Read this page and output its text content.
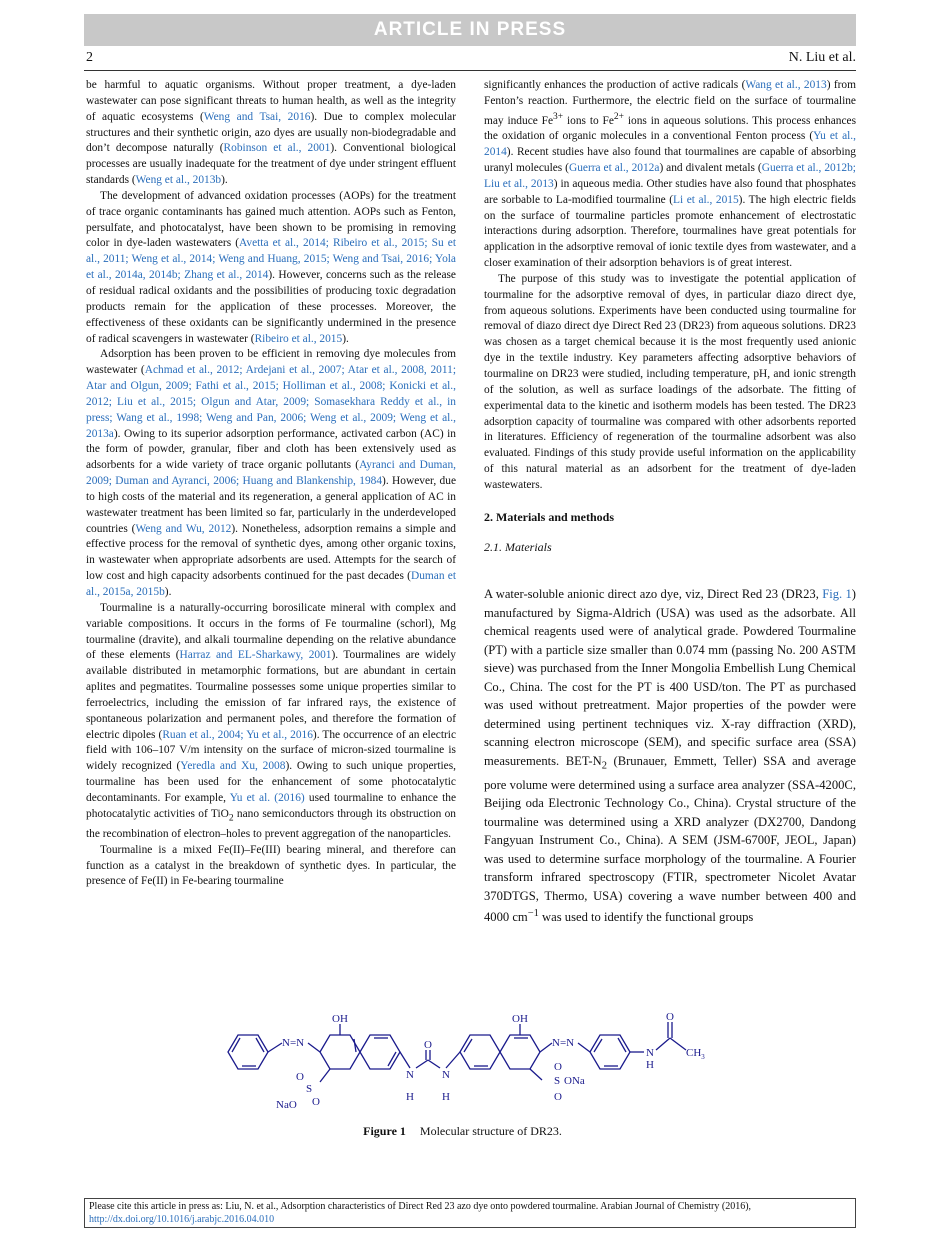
ARTICLE IN PRESS
2	N. Liu et al.

be harmful to aquatic organisms. Without proper treatment, a dye-laden wastewater can pose significant threats to human health, as well as the integrity of aquatic ecosystems (Weng and Tsai, 2016). Due to complex molecular structures and their synthetic origin, azo dyes are usually non-biodegradable and don’t decompose naturally (Robinson et al., 2001). Conventional biological processes are usually inadequate for the treatment of dye under stringent effluent standards (Weng et al., 2013b).

The development of advanced oxidation processes (AOPs) for the treatment of trace organic contaminants has gained much attention. AOPs such as Fenton, persulfate, and photocatalyst, have been shown to be promising in removing color in dye-laden wastewaters (Avetta et al., 2014; Ribeiro et al., 2015; Su et al., 2011; Weng et al., 2014; Weng and Huang, 2015; Weng and Tsai, 2016; Yola et al., 2014a, 2014b; Zhang et al., 2014). However, concerns such as the release of residual radical oxidants and the possibilities of producing toxic degradation products remain for the application of these processes. Moreover, the effectiveness of these oxidants can be significantly undermined in the presence of radical scavengers in wastewater (Ribeiro et al., 2015).

Adsorption has been proven to be efficient in removing dye molecules from wastewater (Achmad et al., 2012; Ardejani et al., 2007; Atar et al., 2008, 2011; Atar and Olgun, 2009; Fathi et al., 2015; Holliman et al., 2008; Konicki et al., 2012; Liu et al., 2015; Olgun and Atar, 2009; Somasekhara Reddy et al., in press; Wang et al., 1998; Weng and Pan, 2006; Weng et al., 2009; Weng et al., 2013a). Owing to its superior adsorption performance, activated carbon (AC) in the form of powder, granular, fiber and cloth has been extensively used as adsorbents for a wide variety of trace organic pollutants (Ayranci and Duman, 2009; Duman and Ayranci, 2006; Huang and Blankenship, 1984). However, due to high costs of the material and its regeneration, a general application of AC in wastewater treatment has been limited so far, particularly in the underdeveloped countries (Weng and Wu, 2012). Nonetheless, adsorption remains a simple and effective process for the removal of synthetic dyes, among other organic toxins, in wastewater when appropriate adsorbents are used. Attempts for the search of low cost and high capacity adsorbents continued for the past decades (Duman et al., 2015a, 2015b).

Tourmaline is a naturally-occurring borosilicate mineral with complex and variable compositions. It occurs in the forms of Fe tourmaline (schorl), Mg tourmaline (dravite), and alkali tourmaline depending on the relative abundance of these elements (Harraz and EL-Sharkawy, 2001). Tourmalines are widely available distributed in metamorphic formations, but are abundant in certain aplites and pegmatites. Tourmaline possesses some unique properties similar to ferroelectrics, including the emission of far infrared rays, the existence of spontaneous polarization and permanent poles, and therefore the formation of electric dipoles (Ruan et al., 2004; Yu et al., 2016). The occurrence of an electric field with 106–107 V/m intensity on the surface of micron-sized tourmaline is widely recognized (Yeredla and Xu, 2008). Owing to such unique properties, tourmaline has been used for the enhancement of some photocatalytic decontaminants. For example, Yu et al. (2016) used tourmaline to enhance the photocatalytic activities of TiO$_2$ nano semiconductors through its obstruction on the recombination of electron–holes to prevent aggregation of the nanoparticles.

Tourmaline is a mixed Fe(II)–Fe(III) bearing mineral, and therefore can function as a catalyst in the breakdown of synthetic dyes. In particular, the presence of Fe(II) in Fe-bearing tourmaline

significantly enhances the production of active radicals (Wang et al., 2013) from Fenton’s reaction. Furthermore, the electric field on the surface of tourmaline may induce $Fe^{3+}$ ions to $Fe^{2+}$ ions in aqueous solutions. This process enhances the oxidation of organic molecules in a conventional Fenton process (Yu et al., 2014). Recent studies have also found that tourmalines are capable of absorbing uranyl molecules (Guerra et al., 2012a) and divalent metals (Guerra et al., 2012b; Liu et al., 2013) in aqueous media. Other studies have also found that phosphates are sorbable to La-modified tourmaline (Li et al., 2015). The high electric fields on the surface of tourmaline particles promote enhancement of electrostatic interactions during adsorption. Therefore, tourmalines have great potentials for application in the adsorptive removal of ionic textile dyes from wastewater, and a closer examination of their adsorption behaviors is of great interest.

The purpose of this study was to investigate the potential application of tourmaline for the adsorptive removal of dyes, in particular diazo direct dye, from aqueous solutions. Experiments have been conducted using tourmaline for removal of diazo direct dye Direct Red 23 (DR23) from aqueous solutions. DR23 was chosen as a target chemical because it is the most frequently used anionic dye in the textile industry. Key parameters affecting adsorptive behaviors of tourmaline on DR23 were studied, including temperature, pH, and ionic strength of the solution, as well as surface loadings of the adsorbate. The fitting of experimental data to the kinetic and isotherm models has been tested. The DR23 adsorption capacity of tourmaline was compared with other adsorbents reported in literatures. Efficiency of regeneration of the tourmaline adsorbent was also evaluated. Findings of this study provide useful information on the applicability of this natural material as an adsorbent for the treatment of dye-laden wastewaters.

2. Materials and methods
2.1. Materials

A water-soluble anionic direct azo dye, viz, Direct Red 23 (DR23, Fig. 1) manufactured by Sigma-Aldrich (USA) was used as the adsorbate. All chemical reagents used were of analytical grade. Powdered Tourmaline (PT) with a particle size smaller than 0.074 mm (passing No. 200 ASTM sieve) was purchased from the Inner Mongolia Embellish Lung Chemical Co., China. The cost for the PT is 400 USD/ton. The PT as purchased was used without pretreatment. Major properties of the powder were determined using pertinent techniques viz. X-ray diffraction (XRD), scanning electron microscope (SEM), and specific surface area (SSA) measurements. BET-$N_2$ (Brunauer, Emmett, Teller) SSA and average pore volume were determined using a surface area analyzer (SSA-4200C, Beijing oda Electronic Technology Co., China). Crystal structure of the tourmaline was determined using a XRD analyzer (DX2700, Dandong Fangyuan Instrument Co., China). A SEM (JSM-6700F, JEOL, Japan) was used to determine surface morphology of the tourmaline. A Fourier transform infrared spectroscopy (FTIR, spectrometer Nicolet Avatar 370DTGS, Thermo, USA) covering a wave number between 400 and 4000 $cm^{-1}$ was used to identify the functional groups

N=N
OH
O
S
O
NaO
N
H
O
N
H
OH
N=N
O
S ONa
O
N
H
O
$CH_3$
Figure 1 Molecular structure of DR23.
Please cite this article in press as: Liu, N. et al., Adsorption characteristics of Direct Red 23 azo dye onto powdered tourmaline. Arabian Journal of Chemistry (2016),
http://dx.doi.org/10.1016/j.arabjc.2016.04.010
